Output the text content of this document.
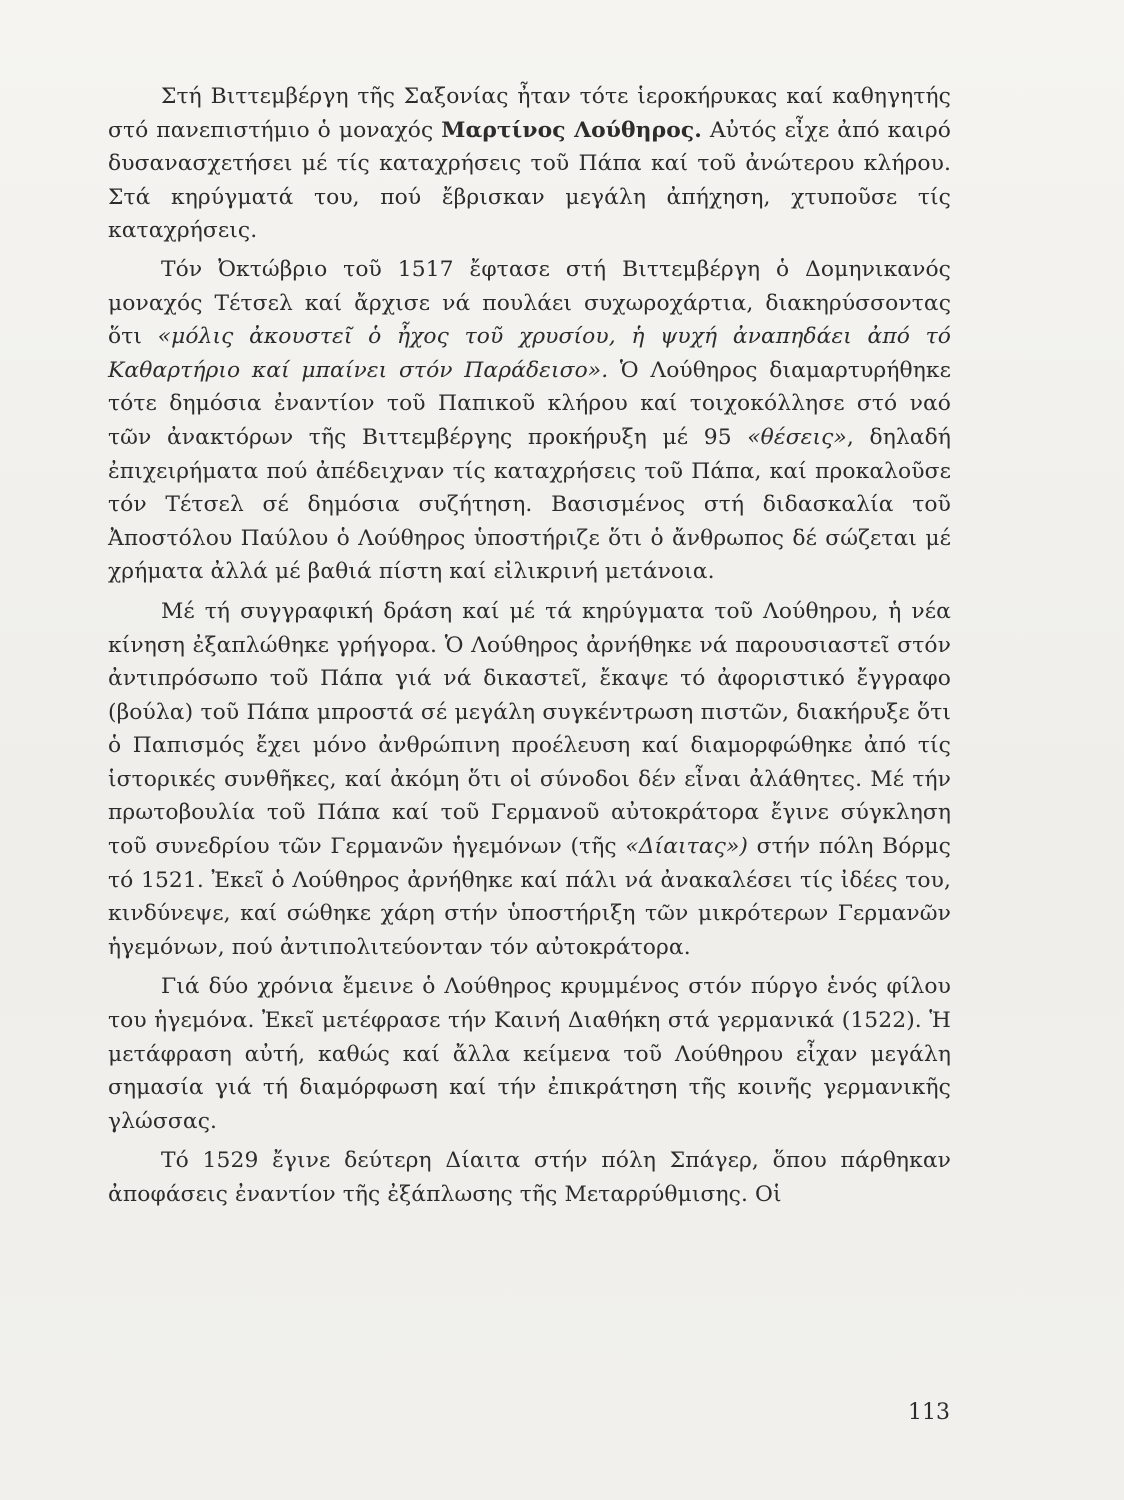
Στή Βιττεμβέργη τῆς Σαξονίας ἦταν τότε ἱεροκήρυκας καί καθηγητής στό πανεπιστήμιο ὁ μοναχός Μαρτίνος Λούθηρος. Αὐτός εἶχε ἀπό καιρό δυσανασχετήσει μέ τίς καταχρήσεις τοῦ Πάπα καί τοῦ ἀνώτερου κλήρου. Στά κηρύγματά του, πού ἔβρισκαν μεγάλη ἀπήχηση, χτυποῦσε τίς καταχρήσεις.

Τόν Ὀκτώβριο τοῦ 1517 ἔφτασε στή Βιττεμβέργη ὁ Δομηνικανός μοναχός Τέτσελ καί ἄρχισε νά πουλάει συχωροχάρτια, διακηρύσσοντας ὅτι «μόλις ἀκουστεῖ ὁ ἦχος τοῦ χρυσίου, ἡ ψυχή ἀναπηδάει ἀπό τό Καθαρτήριο καί μπαίνει στόν Παράδεισο». Ὁ Λούθηρος διαμαρτυρήθηκε τότε δημόσια ἐναντίον τοῦ Παπικοῦ κλήρου καί τοιχοκόλλησε στό ναό τῶν ἀνακτόρων τῆς Βιττεμβέργης προκήρυξη μέ 95 «θέσεις», δηλαδή ἐπιχειρήματα πού ἀπέδειχναν τίς καταχρήσεις τοῦ Πάπα, καί προκαλοῦσε τόν Τέτσελ σέ δημόσια συζήτηση. Βασισμένος στή διδασκαλία τοῦ Ἀποστόλου Παύλου ὁ Λούθηρος ὑποστήριζε ὅτι ὁ ἄνθρωπος δέ σώζεται μέ χρήματα ἀλλά μέ βαθιά πίστη καί εἰλικρινή μετάνοια.

Μέ τή συγγραφική δράση καί μέ τά κηρύγματα τοῦ Λούθηρου, ἡ νέα κίνηση ἐξαπλώθηκε γρήγορα. Ὁ Λούθηρος ἀρνήθηκε νά παρουσιαστεῖ στόν ἀντιπρόσωπο τοῦ Πάπα γιά νά δικαστεῖ, ἔκαψε τό ἀφοριστικό ἔγγραφο (βούλα) τοῦ Πάπα μπροστά σέ μεγάλη συγκέντρωση πιστῶν, διακήρυξε ὅτι ὁ Παπισμός ἔχει μόνο ἀνθρώπινη προέλευση καί διαμορφώθηκε ἀπό τίς ἱστορικές συνθῆκες, καί ἀκόμη ὅτι οἱ σύνοδοι δέν εἶναι ἀλάθητες. Μέ τήν πρωτοβουλία τοῦ Πάπα καί τοῦ Γερμανοῦ αὐτοκράτορα ἔγινε σύγκληση τοῦ συνεδρίου τῶν Γερμανῶν ἡγεμόνων (τῆς «Δίαιτας») στήν πόλη Βόρμς τό 1521. Ἐκεῖ ὁ Λούθηρος ἀρνήθηκε καί πάλι νά ἀνακαλέσει τίς ἰδέες του, κινδύνεψε, καί σώθηκε χάρη στήν ὑποστήριξη τῶν μικρότερων Γερμανῶν ἡγεμόνων, πού ἀντιπολιτεύονταν τόν αὐτοκράτορα.

Γιά δύο χρόνια ἔμεινε ὁ Λούθηρος κρυμμένος στόν πύργο ἑνός φίλου του ἡγεμόνα. Ἐκεῖ μετέφρασε τήν Καινή Διαθήκη στά γερμανικά (1522). Ἡ μετάφραση αὐτή, καθώς καί ἄλλα κείμενα τοῦ Λούθηρου εἶχαν μεγάλη σημασία γιά τή διαμόρφωση καί τήν ἐπικράτηση τῆς κοινῆς γερμανικῆς γλώσσας.

Τό 1529 ἔγινε δεύτερη Δίαιτα στήν πόλη Σπάγερ, ὅπου πάρθηκαν ἀποφάσεις ἐναντίον τῆς ἐξάπλωσης τῆς Μεταρρύθμισης. Οἱ

113
